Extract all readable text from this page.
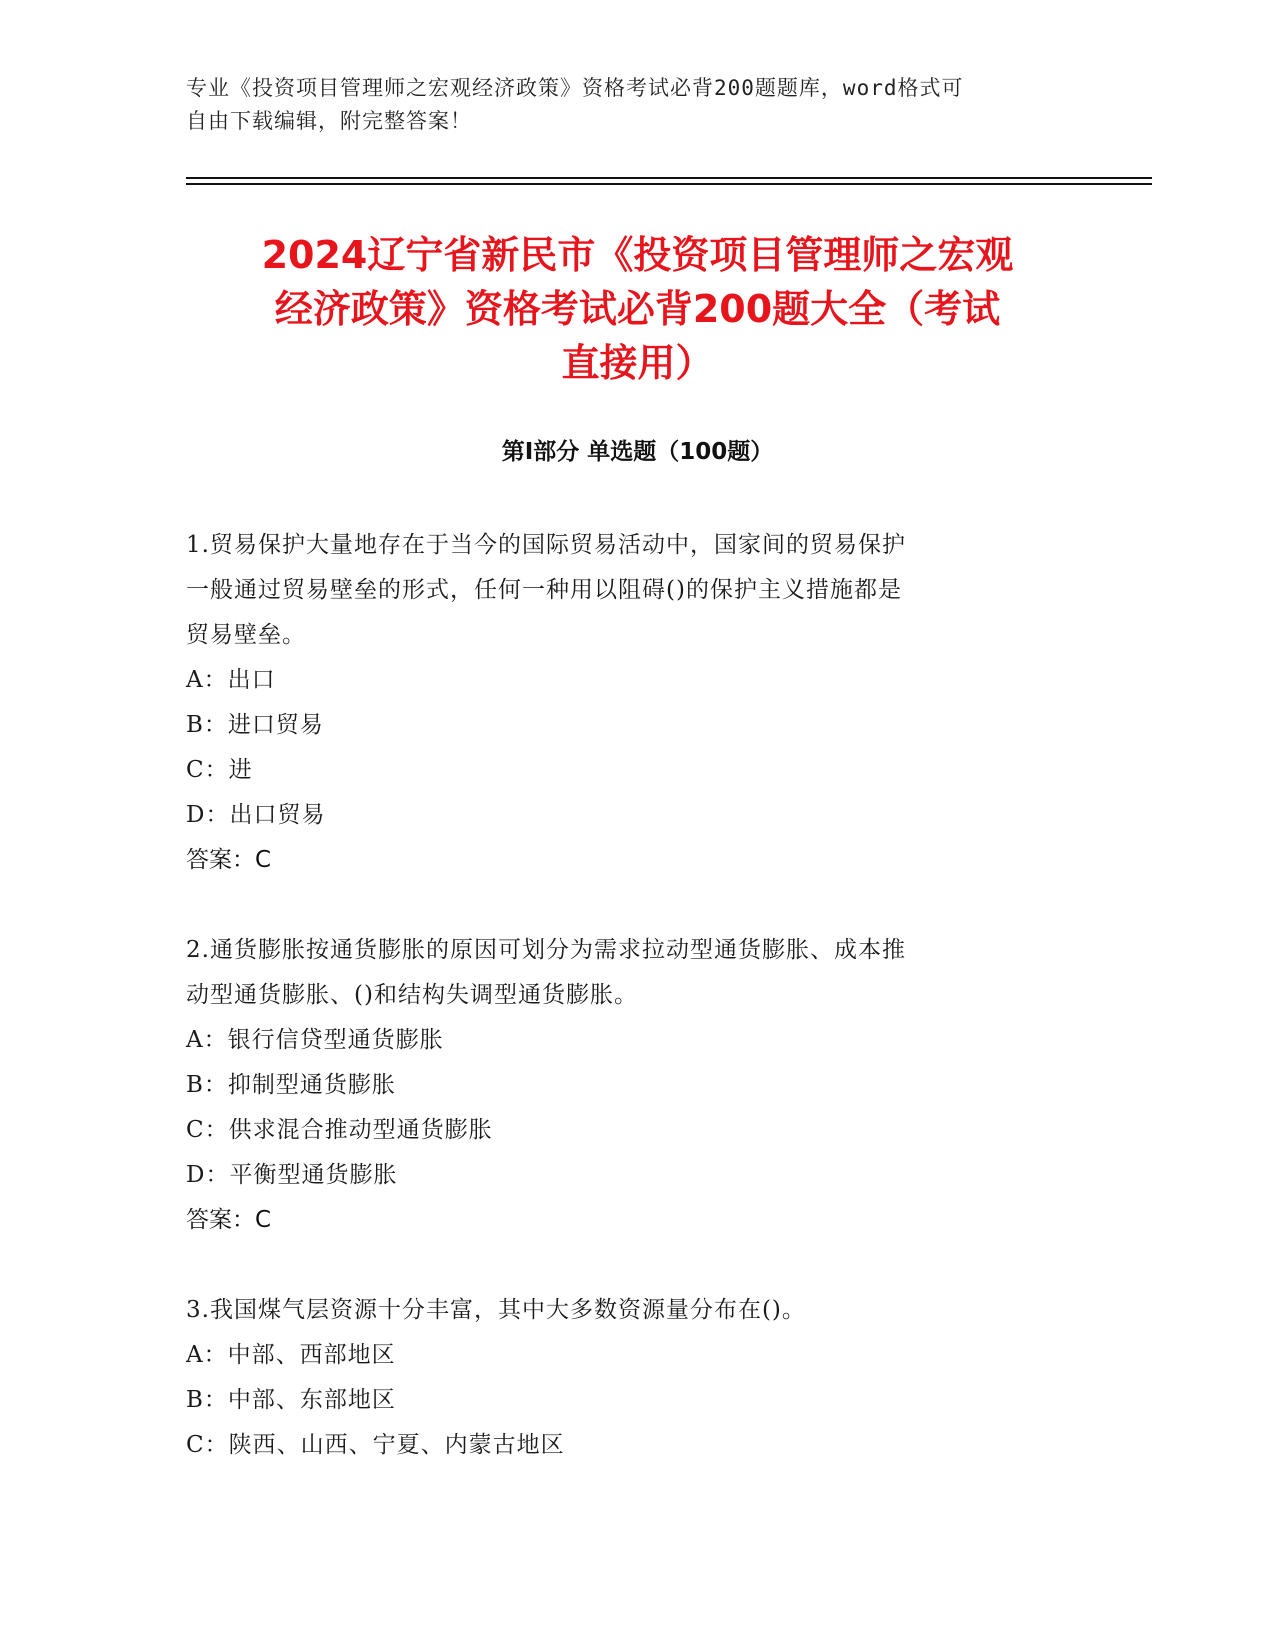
专业《投资项目管理师之宏观经济政策》资格考试必背200题题库，word格式可
自由下载编辑，附完整答案！
2024辽宁省新民市《投资项目管理师之宏观
经济政策》资格考试必背200题大全（考试
直接用）
第Ⅰ部分 单选题（100题）

1.贸易保护大量地存在于当今的国际贸易活动中，国家间的贸易保护

一般通过贸易壁垒的形式，任何一种用以阻碍()的保护主义措施都是

贸易壁垒。

A：出口

B：进口贸易

C：进

D：出口贸易

答案：C

2.通货膨胀按通货膨胀的原因可划分为需求拉动型通货膨胀、成本推

动型通货膨胀、()和结构失调型通货膨胀。

A：银行信贷型通货膨胀

B：抑制型通货膨胀

C：供求混合推动型通货膨胀

D：平衡型通货膨胀

答案：C

3.我国煤气层资源十分丰富，其中大多数资源量分布在()。

A：中部、西部地区

B：中部、东部地区

C：陕西、山西、宁夏、内蒙古地区
